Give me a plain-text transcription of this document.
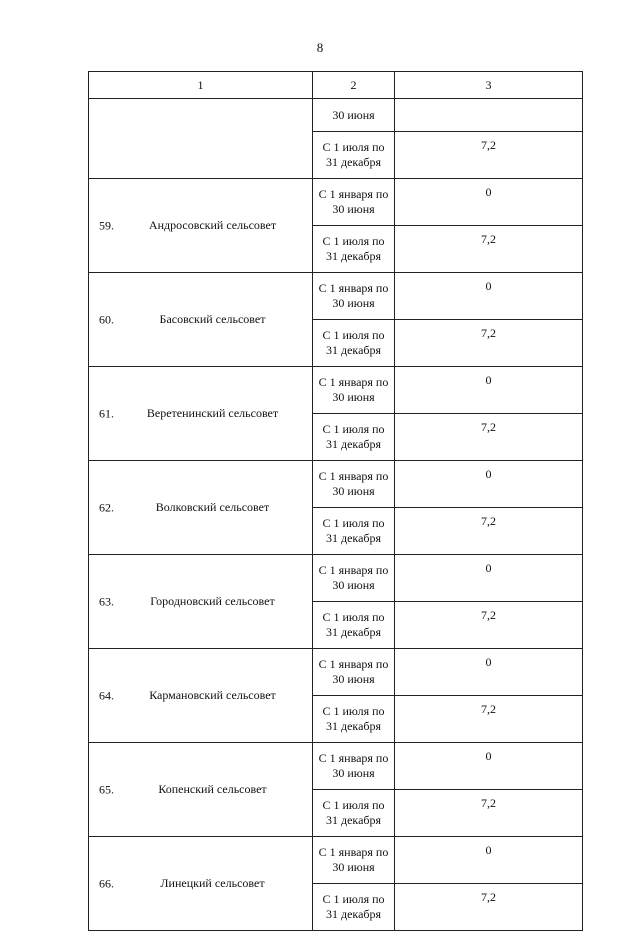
8
1	2	3

	30 июня	

	С 1 июля по
31 декабря	7,2

59. Андросовский сельсовет	С 1 января по
30 июня	0

	С 1 июля по
31 декабря	7,2

60. Басовский сельсовет	С 1 января по
30 июня	0

	С 1 июля по
31 декабря	7,2

61. Веретенинский сельсовет	С 1 января по
30 июня	0

	С 1 июля по
31 декабря	7,2

62. Волковский сельсовет	С 1 января по
30 июня	0

	С 1 июля по
31 декабря	7,2

63. Городновский сельсовет	С 1 января по
30 июня	0

	С 1 июля по
31 декабря	7,2

64. Кармановский сельсовет	С 1 января по
30 июня	0

	С 1 июля по
31 декабря	7,2

65. Копенский сельсовет	С 1 января по
30 июня	0

	С 1 июля по
31 декабря	7,2

66. Линецкий сельсовет	С 1 января по
30 июня	0

	С 1 июля по
31 декабря	7,2
